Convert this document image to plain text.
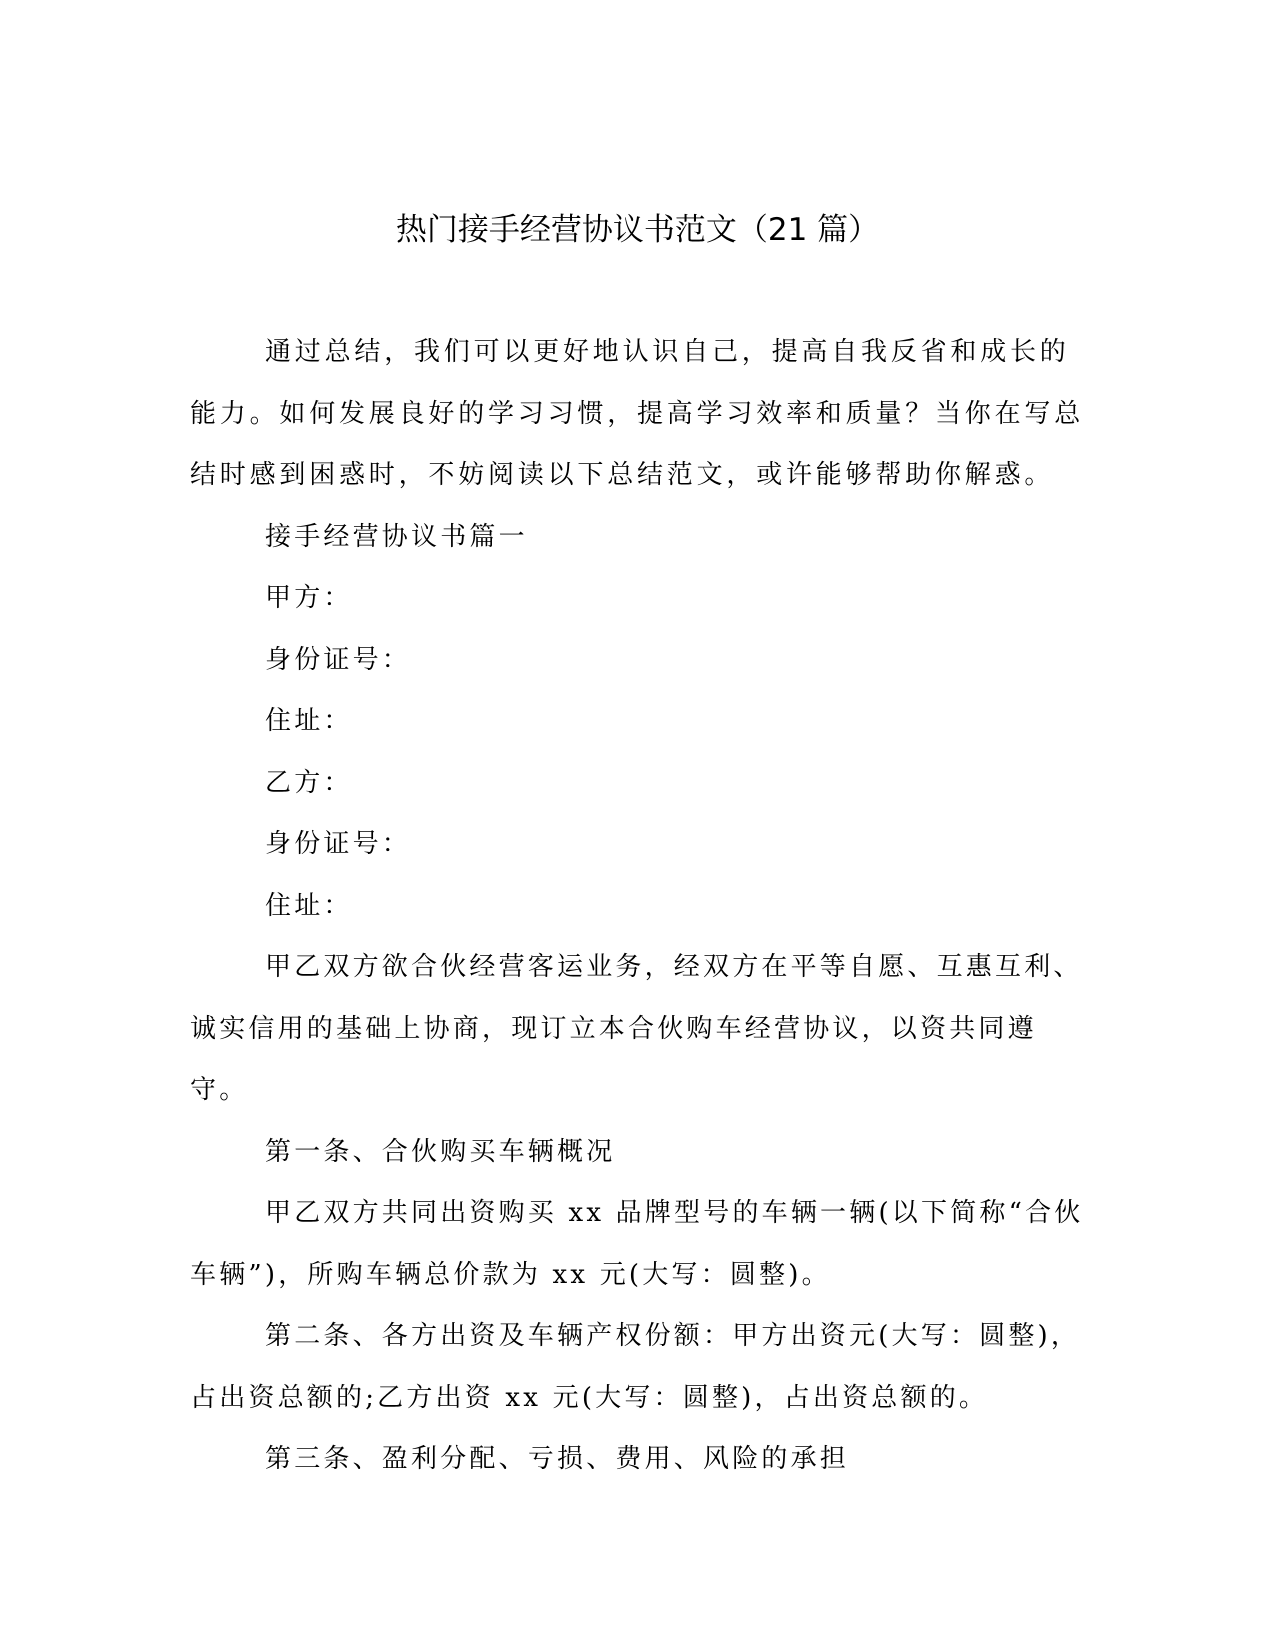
热门接手经营协议书范文（21 篇）

通过总结，我们可以更好地认识自己，提高自我反省和成长的能力。如何发展良好的学习习惯，提高学习效率和质量？当你在写总结时感到困惑时，不妨阅读以下总结范文，或许能够帮助你解惑。

接手经营协议书篇一

甲方：

身份证号：

住址：

乙方：

身份证号：

住址：

甲乙双方欲合伙经营客运业务，经双方在平等自愿、互惠互利、诚实信用的基础上协商，现订立本合伙购车经营协议，以资共同遵守。

第一条、合伙购买车辆概况

甲乙双方共同出资购买 xx 品牌型号的车辆一辆(以下简称“合伙车辆”)，所购车辆总价款为 xx 元(大写：圆整)。

第二条、各方出资及车辆产权份额：甲方出资元(大写：圆整)，占出资总额的;乙方出资 xx 元(大写：圆整)，占出资总额的。

第三条、盈利分配、亏损、费用、风险的承担
